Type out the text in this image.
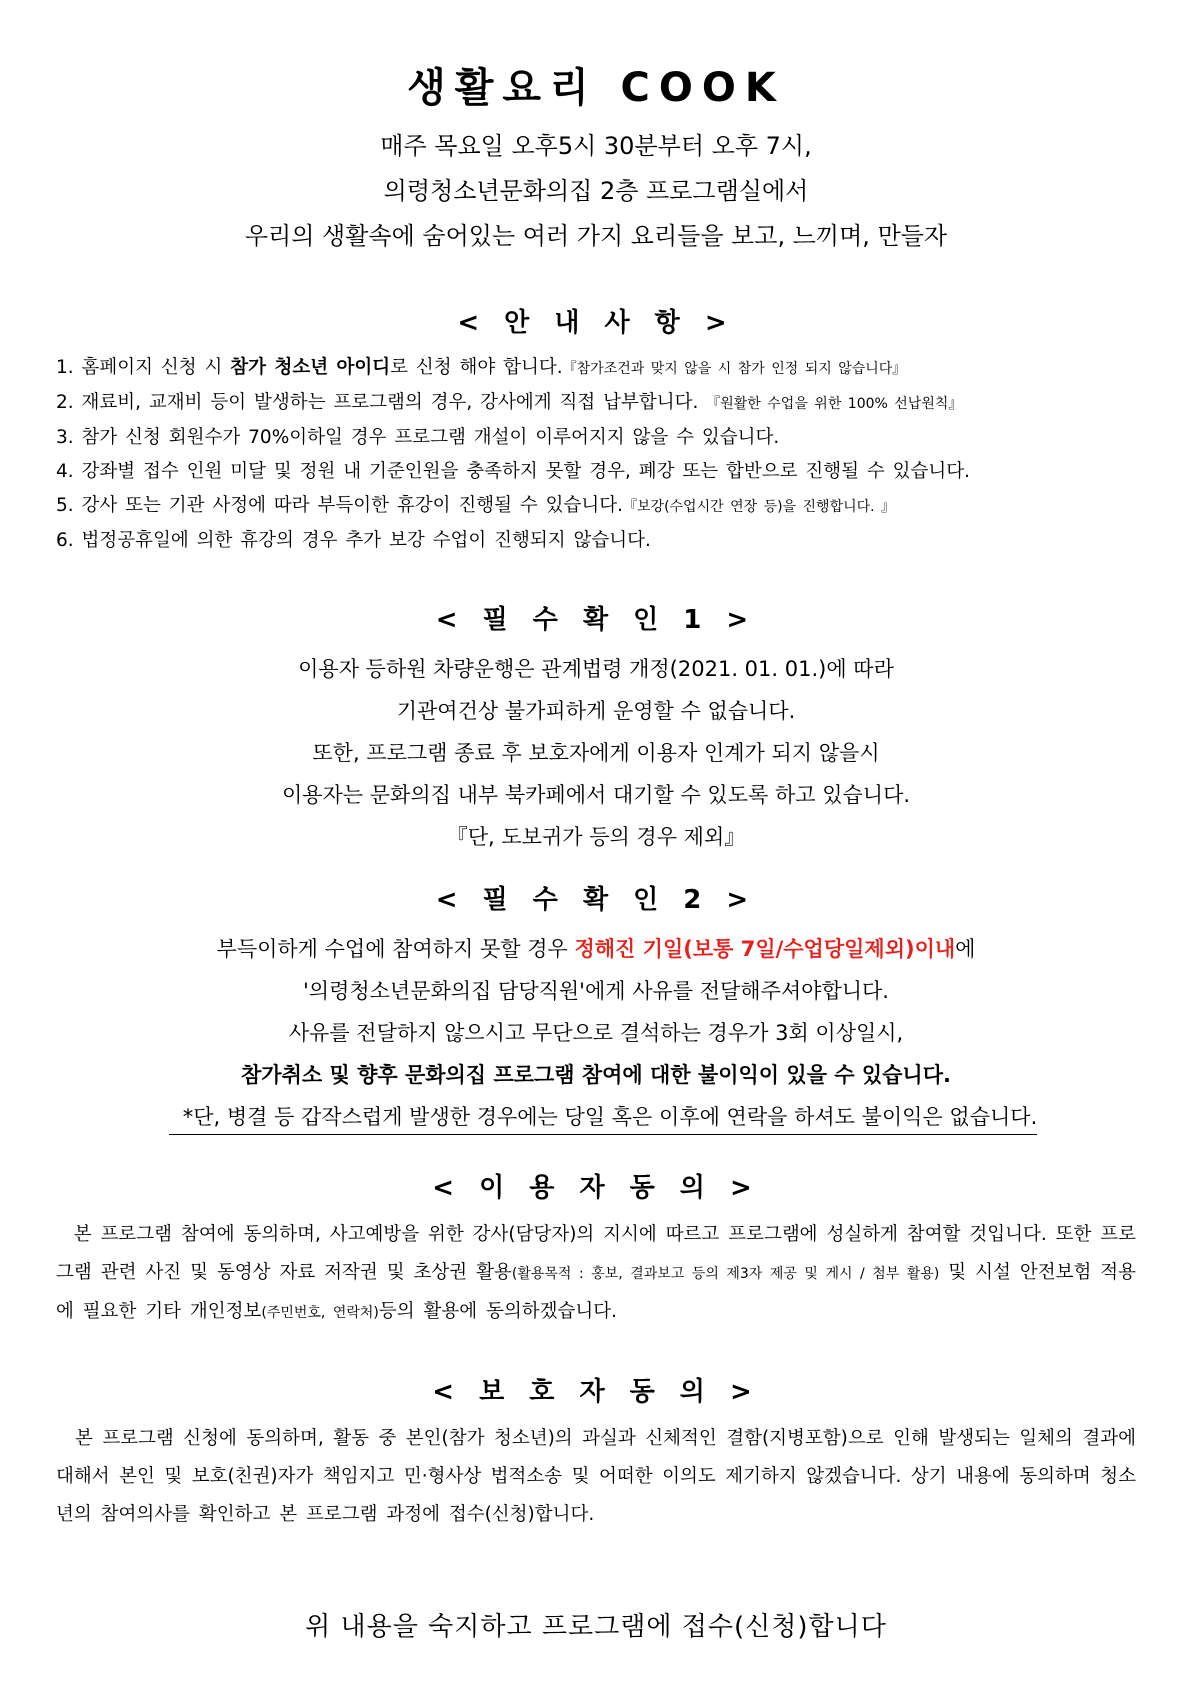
생활요리 COOK
매주 목요일 오후5시 30분부터 오후 7시,
의령청소년문화의집 2층 프로그램실에서
우리의 생활속에 숨어있는 여러 가지 요리들을 보고, 느끼며, 만들자
< 안 내 사 항 >
1. 홈페이지 신청 시 참가 청소년 아이디로 신청 해야 합니다.『참가조건과 맞지 않을 시 참가 인정 되지 않습니다』
2. 재료비, 교재비 등이 발생하는 프로그램의 경우, 강사에게 직접 납부합니다. 『원활한 수업을 위한 100% 선납원칙』
3. 참가 신청 회원수가 70%이하일 경우 프로그램 개설이 이루어지지 않을 수 있습니다.
4. 강좌별 접수 인원 미달 및 정원 내 기준인원을 충족하지 못할 경우, 폐강 또는 합반으로 진행될 수 있습니다.
5. 강사 또는 기관 사정에 따라 부득이한 휴강이 진행될 수 있습니다.『보강(수업시간 연장 등)을 진행합니다. 』
6. 법정공휴일에 의한 휴강의 경우 추가 보강 수업이 진행되지 않습니다.
< 필 수 확 인 1 >
이용자 등하원 차량운행은 관계법령 개정(2021. 01. 01.)에 따라
기관여건상 불가피하게 운영할 수 없습니다.
또한, 프로그램 종료 후 보호자에게 이용자 인계가 되지 않을시
이용자는 문화의집 내부 북카페에서 대기할 수 있도록 하고 있습니다.
『단, 도보귀가 등의 경우 제외』
< 필 수 확 인 2 >
부득이하게 수업에 참여하지 못할 경우 정해진 기일(보통 7일/수업당일제외)이내에
'의령청소년문화의집 담당직원'에게 사유를 전달해주셔야합니다.
사유를 전달하지 않으시고 무단으로 결석하는 경우가 3회 이상일시,
참가취소 및 향후 문화의집 프로그램 참여에 대한 불이익이 있을 수 있습니다.
*단, 병결 등 갑작스럽게 발생한 경우에는 당일 혹은 이후에 연락을 하셔도 불이익은 없습니다.
< 이 용 자 동 의 >
본 프로그램 참여에 동의하며, 사고예방을 위한 강사(담당자)의 지시에 따르고 프로그램에 성실하게 참여할 것입니다. 또한 프로그램 관련 사진 및 동영상 자료 저작권 및 초상권 활용(활용목적 : 홍보, 결과보고 등의 제3자 제공 및 게시 / 첨부 활용) 및 시설 안전보험 적용에 필요한 기타 개인정보(주민번호, 연락처)등의 활용에 동의하겠습니다.
< 보 호 자 동 의 >
본 프로그램 신청에 동의하며, 활동 중 본인(참가 청소년)의 과실과 신체적인 결함(지병포함)으로 인해 발생되는 일체의 결과에 대해서 본인 및 보호(친권)자가 책임지고 민·형사상 법적소송 및 어떠한 이의도 제기하지 않겠습니다. 상기 내용에 동의하며 청소년의 참여의사를 확인하고 본 프로그램 과정에 접수(신청)합니다.
위 내용을 숙지하고 프로그램에 접수(신청)합니다
